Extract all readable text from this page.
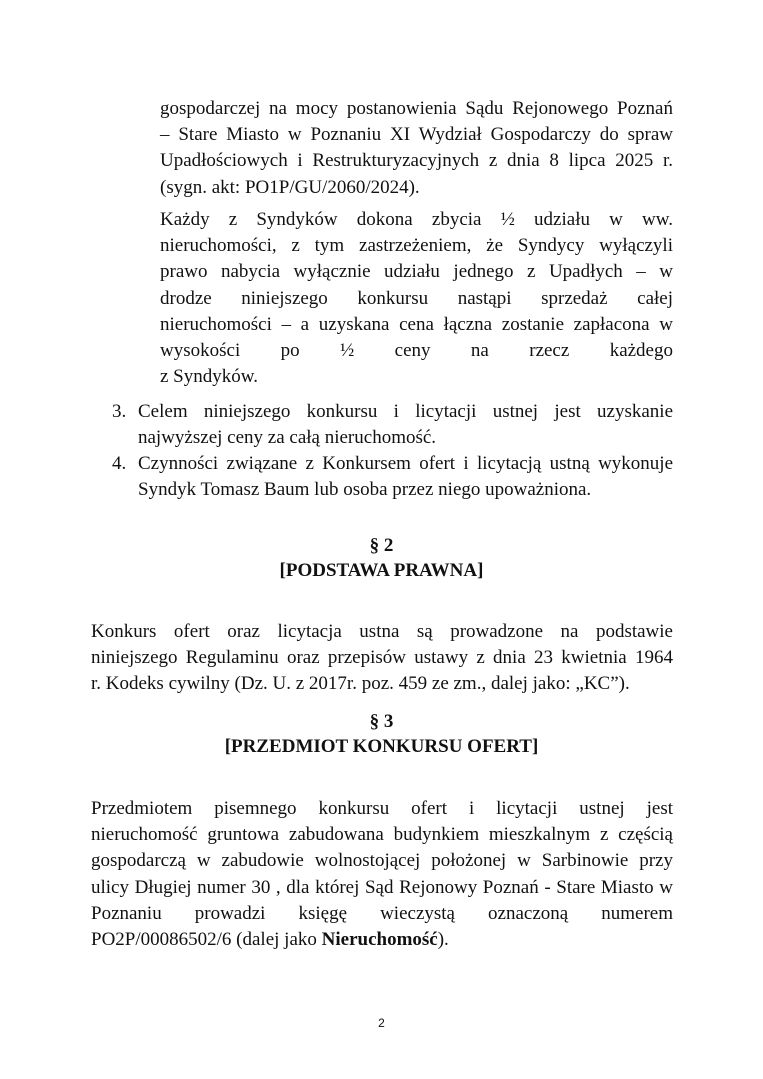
gospodarczej na mocy postanowienia Sądu Rejonowego Poznań
– Stare Miasto w Poznaniu XI Wydział Gospodarczy do spraw
Upadłościowych i Restrukturyzacyjnych z dnia 8 lipca 2025 r.
(sygn. akt: PO1P/GU/2060/2024).
Każdy z Syndyków dokona zbycia ½ udziału w ww.
nieruchomości, z tym zastrzeżeniem, że Syndycy wyłączyli
prawo nabycia wyłącznie udziału jednego z Upadłych – w
drodze niniejszego konkursu nastąpi sprzedaż całej
nieruchomości – a uzyskana cena łączna zostanie zapłacona w
wysokości po ½ ceny na rzecz każdego
z Syndyków.
3. Celem niniejszego konkursu i licytacji ustnej jest uzyskanie
najwyższej ceny za całą nieruchomość.
4. Czynności związane z Konkursem ofert i licytacją ustną wykonuje
Syndyk Tomasz Baum lub osoba przez niego upoważniona.
§ 2
[PODSTAWA PRAWNA]
Konkurs ofert oraz licytacja ustna są prowadzone na podstawie
niniejszego Regulaminu oraz przepisów ustawy z dnia 23 kwietnia 1964
r. Kodeks cywilny (Dz. U. z 2017r. poz. 459 ze zm., dalej jako: „KC”).
§ 3
[PRZEDMIOT KONKURSU OFERT]
Przedmiotem pisemnego konkursu ofert i licytacji ustnej jest
nieruchomość gruntowa zabudowana budynkiem mieszkalnym z częścią
gospodarczą w zabudowie wolnostojącej położonej w Sarbinowie przy
ulicy Długiej numer 30 , dla której Sąd Rejonowy Poznań - Stare Miasto w
Poznaniu prowadzi księgę wieczystą oznaczoną numerem
PO2P/00086502/6 (dalej jako Nieruchomość).
2
